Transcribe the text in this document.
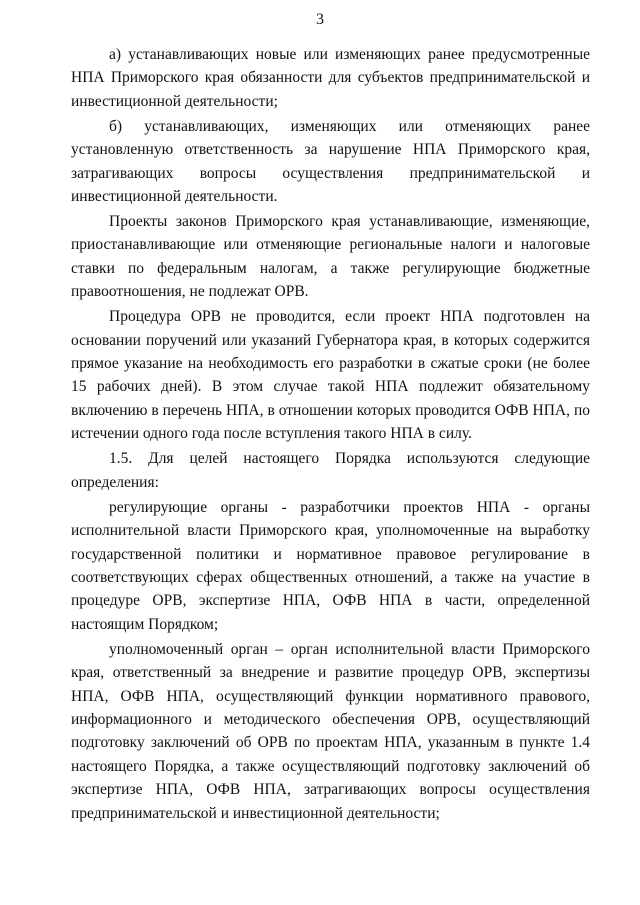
3

а) устанавливающих новые или изменяющих ранее предусмотренные НПА Приморского края обязанности для субъектов предпринимательской и инвестиционной деятельности;

б) устанавливающих, изменяющих или отменяющих ранее установленную ответственность за нарушение НПА Приморского края, затрагивающих вопросы осуществления предпринимательской и инвестиционной деятельности.

Проекты законов Приморского края устанавливающие, изменяющие, приостанавливающие или отменяющие региональные налоги и налоговые ставки по федеральным налогам, а также регулирующие бюджетные правоотношения, не подлежат ОРВ.

Процедура ОРВ не проводится, если проект НПА подготовлен на основании поручений или указаний Губернатора края, в которых содержится прямое указание на необходимость его разработки в сжатые сроки (не более 15 рабочих дней). В этом случае такой НПА подлежит обязательному включению в перечень НПА, в отношении которых проводится ОФВ НПА, по истечении одного года после вступления такого НПА в силу.

1.5. Для целей настоящего Порядка используются следующие определения:

регулирующие органы - разработчики проектов НПА - органы исполнительной власти Приморского края, уполномоченные на выработку государственной политики и нормативное правовое регулирование в соответствующих сферах общественных отношений, а также на участие в процедуре ОРВ, экспертизе НПА, ОФВ НПА в части, определенной настоящим Порядком;

уполномоченный орган – орган исполнительной власти Приморского края, ответственный за внедрение и развитие процедур ОРВ, экспертизы НПА, ОФВ НПА, осуществляющий функции нормативного правового, информационного и методического обеспечения ОРВ, осуществляющий подготовку заключений об ОРВ по проектам НПА, указанным в пункте 1.4 настоящего Порядка, а также осуществляющий подготовку заключений об экспертизе НПА, ОФВ НПА, затрагивающих вопросы осуществления предпринимательской и инвестиционной деятельности;
